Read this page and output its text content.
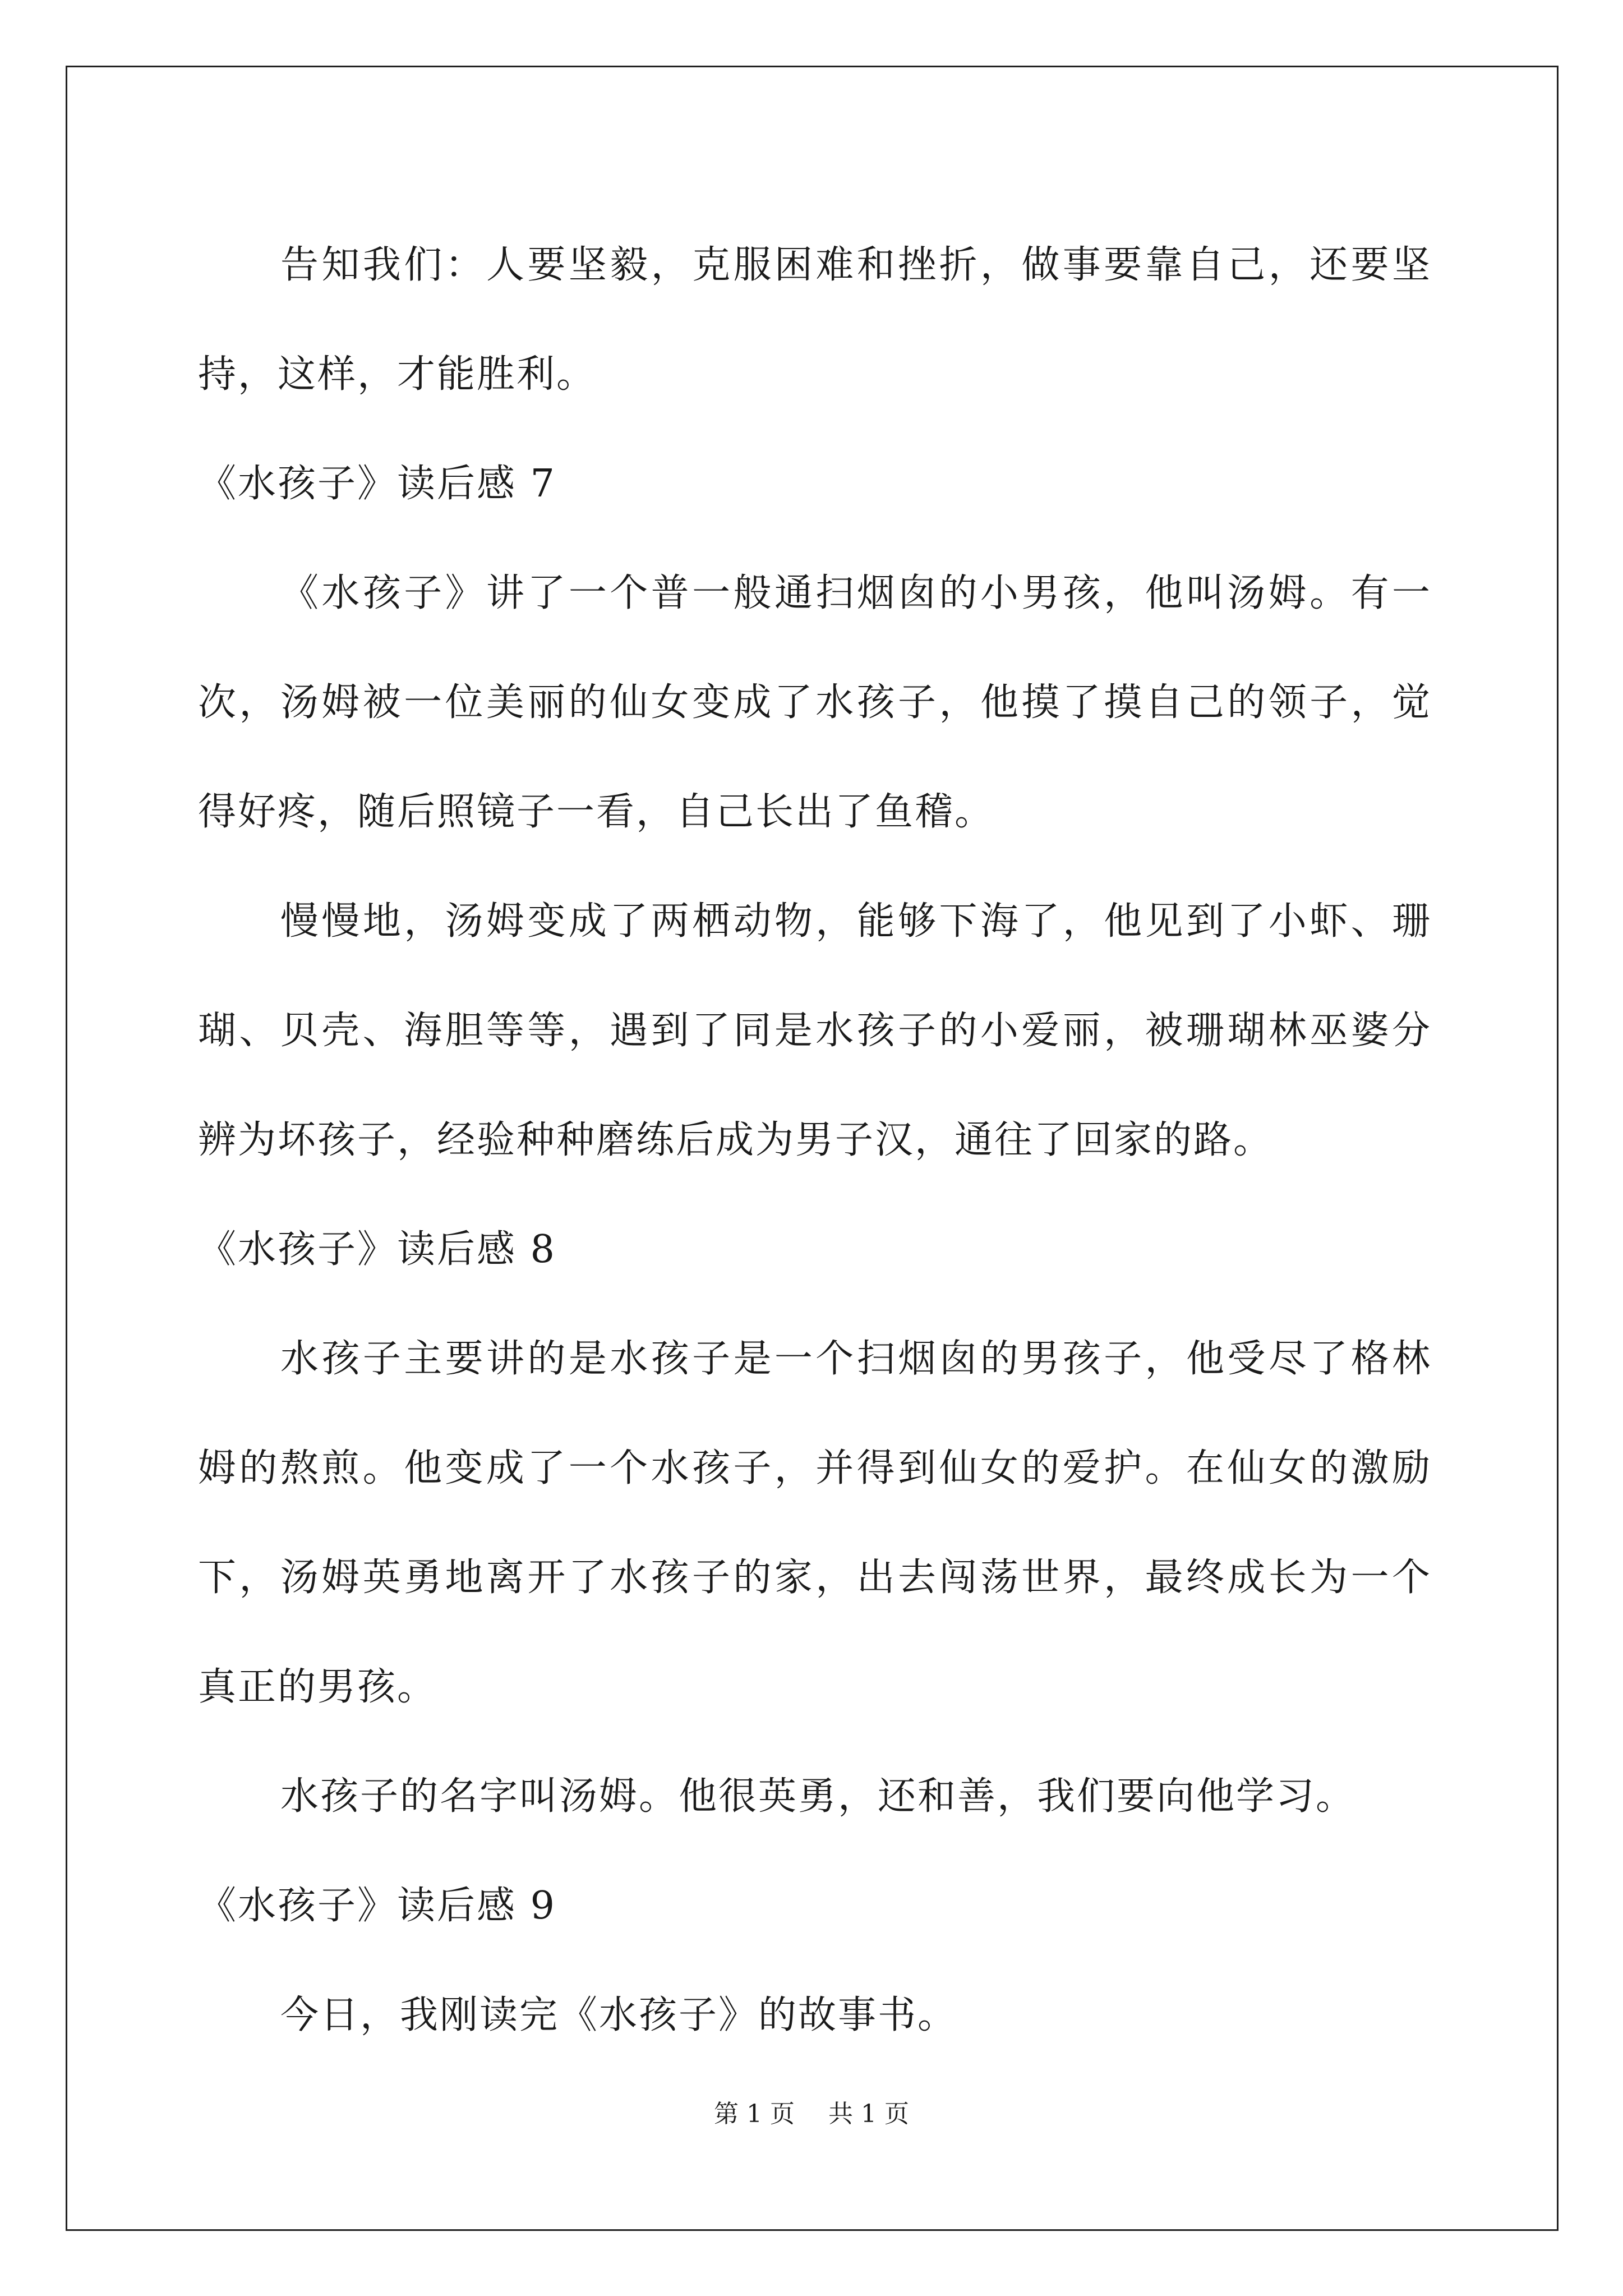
告知我们：人要坚毅，克服困难和挫折，做事要靠自己，还要坚持，这样，才能胜利。

《水孩子》读后感 7

《水孩子》讲了一个普一般通扫烟囱的小男孩，他叫汤姆。有一次，汤姆被一位美丽的仙女变成了水孩子，他摸了摸自己的领子，觉得好疼，随后照镜子一看，自己长出了鱼稽。

慢慢地，汤姆变成了两栖动物，能够下海了，他见到了小虾、珊瑚、贝壳、海胆等等，遇到了同是水孩子的小爱丽，被珊瑚林巫婆分辨为坏孩子，经验种种磨练后成为男子汉，通往了回家的路。

《水孩子》读后感 8

水孩子主要讲的是水孩子是一个扫烟囱的男孩子，他受尽了格林姆的熬煎。他变成了一个水孩子，并得到仙女的爱护。在仙女的激励下，汤姆英勇地离开了水孩子的家，出去闯荡世界，最终成长为一个真正的男孩。

水孩子的名字叫汤姆。他很英勇，还和善，我们要向他学习。

《水孩子》读后感 9

今日，我刚读完《水孩子》的故事书。

第 1 页 共 1 页
